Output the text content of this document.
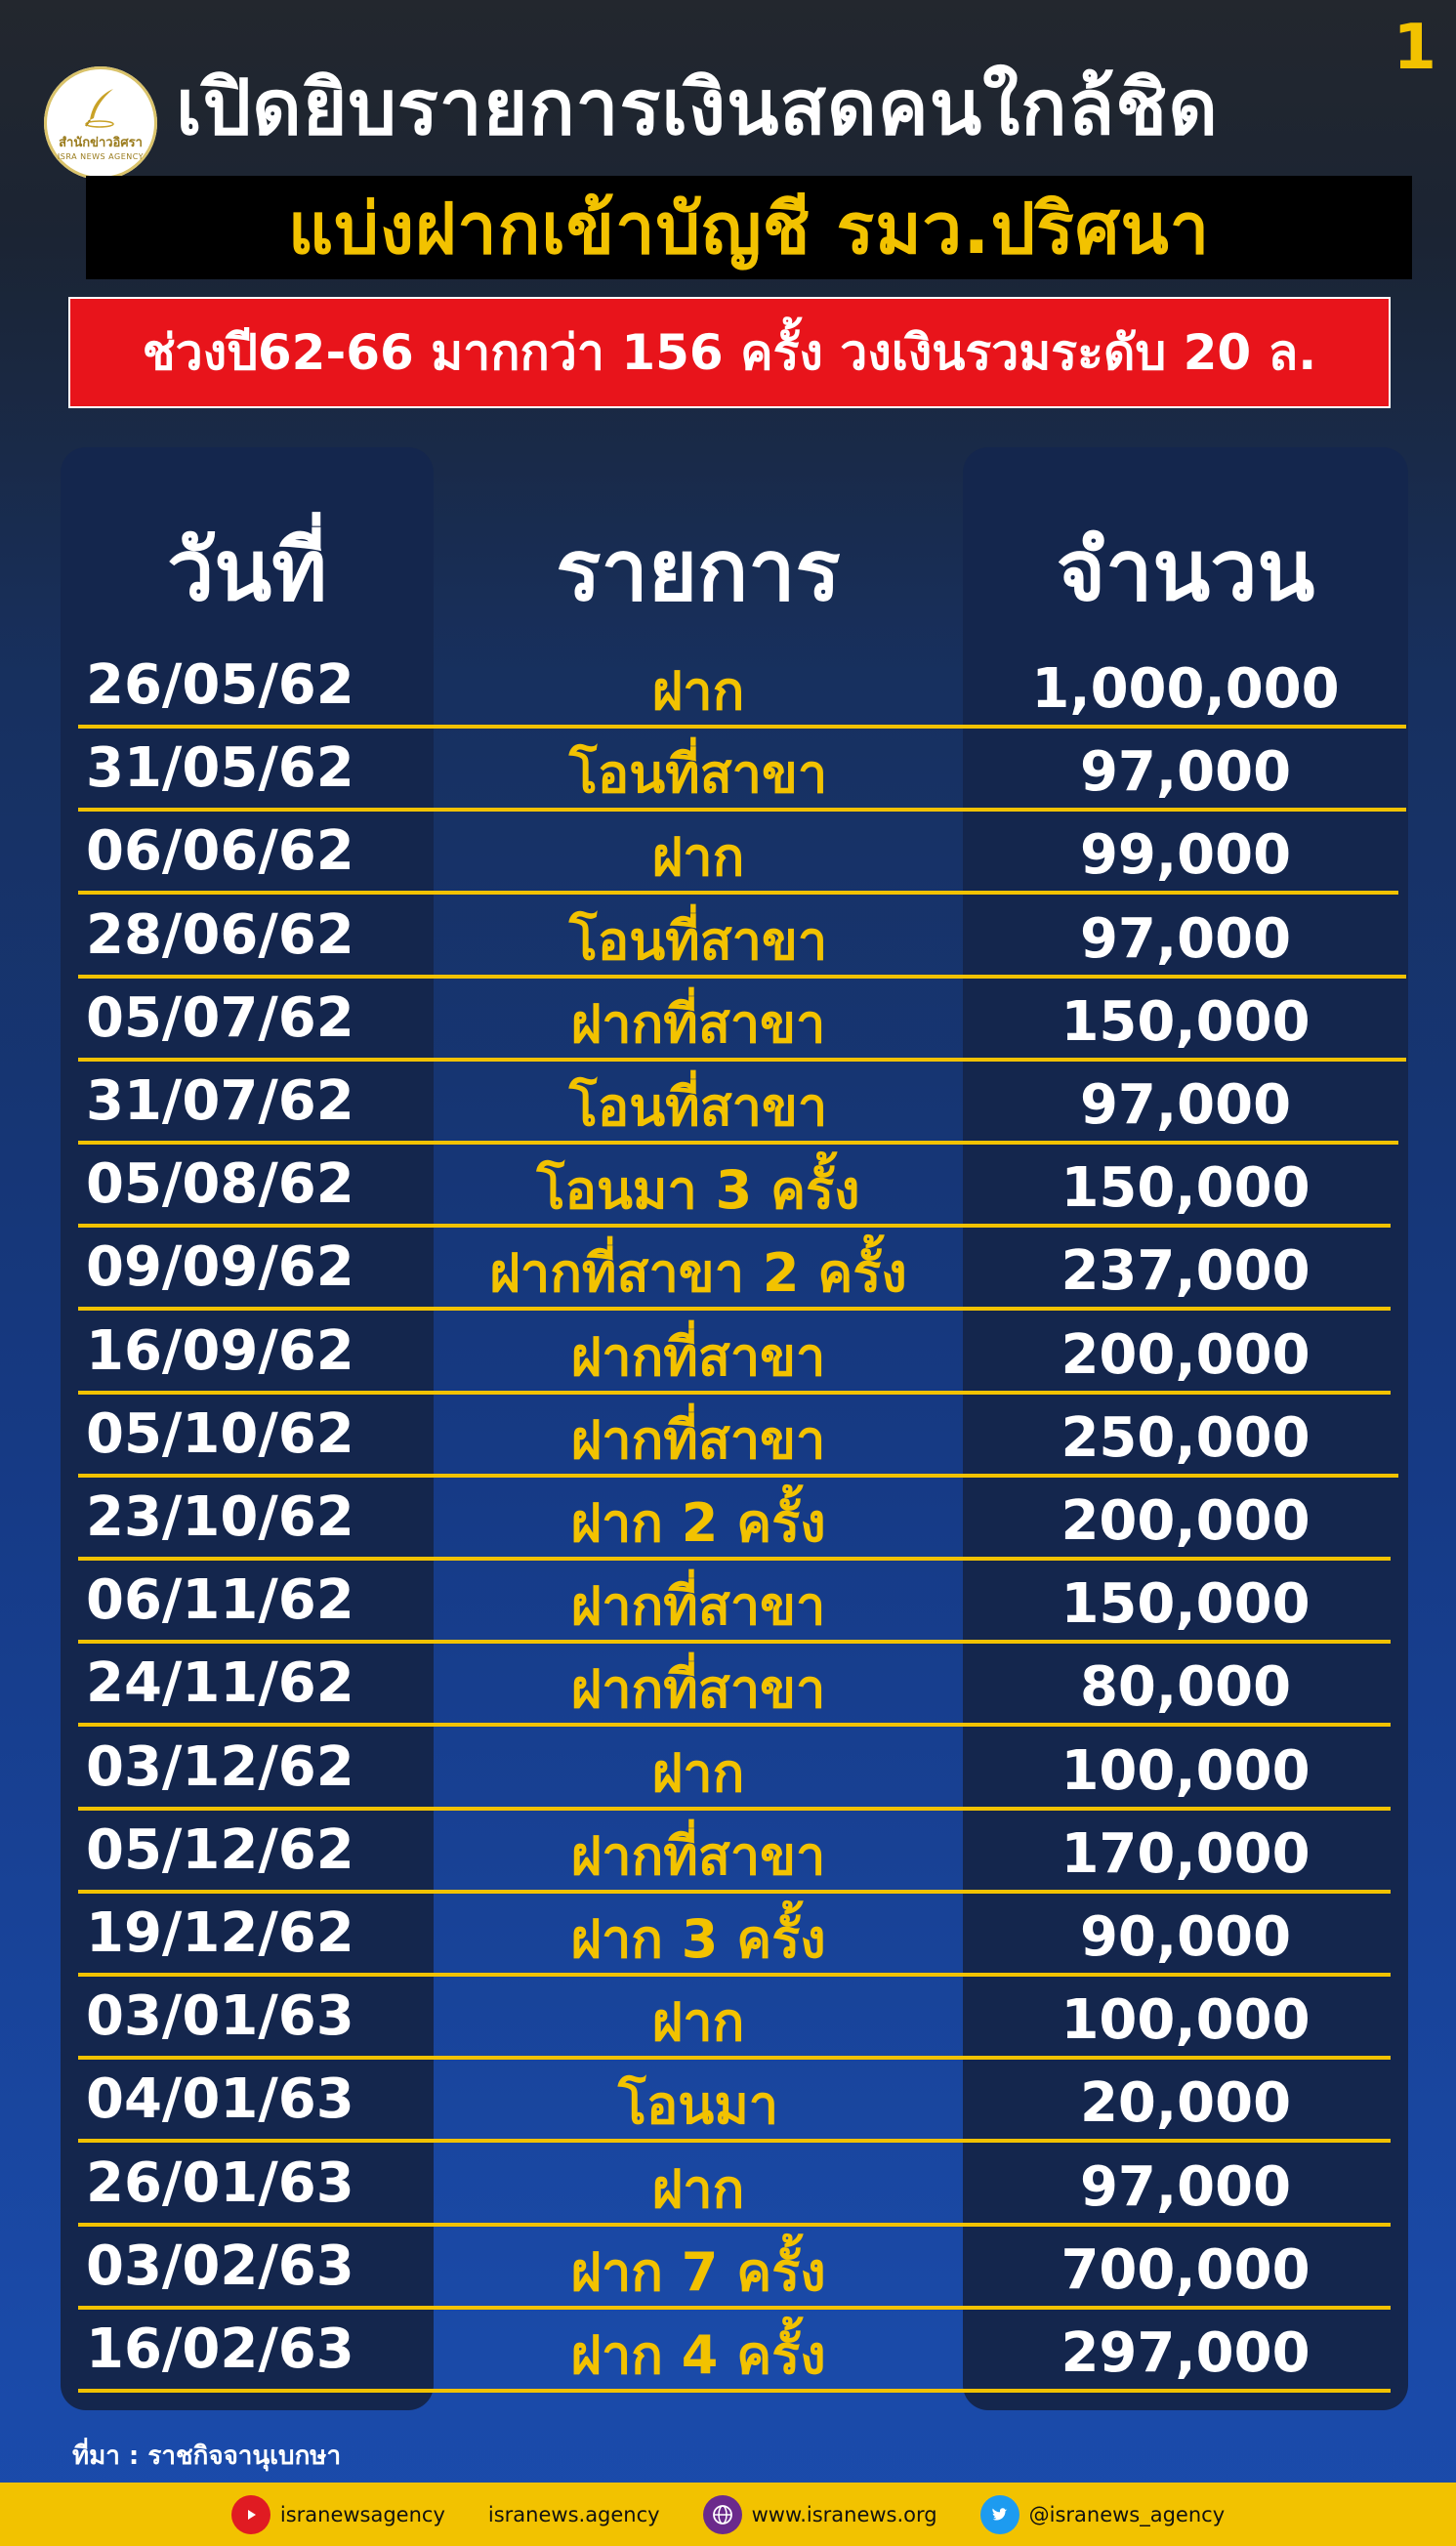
1
สำนักข่าวอิศรา
ISRA NEWS AGENCY
เปิดยิบรายการเงินสดคนใกล้ชิด
แบ่งฝากเข้าบัญชี รมว.ปริศนา
ช่วงปี62-66 มากกว่า 156 ครั้ง วงเงินรวมระดับ 20 ล.
วันที่	รายการ	จำนวน
26/05/62	ฝาก	1,000,000
31/05/62	โอนที่สาขา	97,000
06/06/62	ฝาก	99,000
28/06/62	โอนที่สาขา	97,000
05/07/62	ฝากที่สาขา	150,000
31/07/62	โอนที่สาขา	97,000
05/08/62	โอนมา 3 ครั้ง	150,000
09/09/62	ฝากที่สาขา 2 ครั้ง	237,000
16/09/62	ฝากที่สาขา	200,000
05/10/62	ฝากที่สาขา	250,000
23/10/62	ฝาก 2 ครั้ง	200,000
06/11/62	ฝากที่สาขา	150,000
24/11/62	ฝากที่สาขา	80,000
03/12/62	ฝาก	100,000
05/12/62	ฝากที่สาขา	170,000
19/12/62	ฝาก 3 ครั้ง	90,000
03/01/63	ฝาก	100,000
04/01/63	โอนมา	20,000
26/01/63	ฝาก	97,000
03/02/63	ฝาก 7 ครั้ง	700,000
16/02/63	ฝาก 4 ครั้ง	297,000
ที่มา : ราชกิจจานุเบกษา
isranewsagency isranews.agency	www.isranews.org	@isranews_agency
